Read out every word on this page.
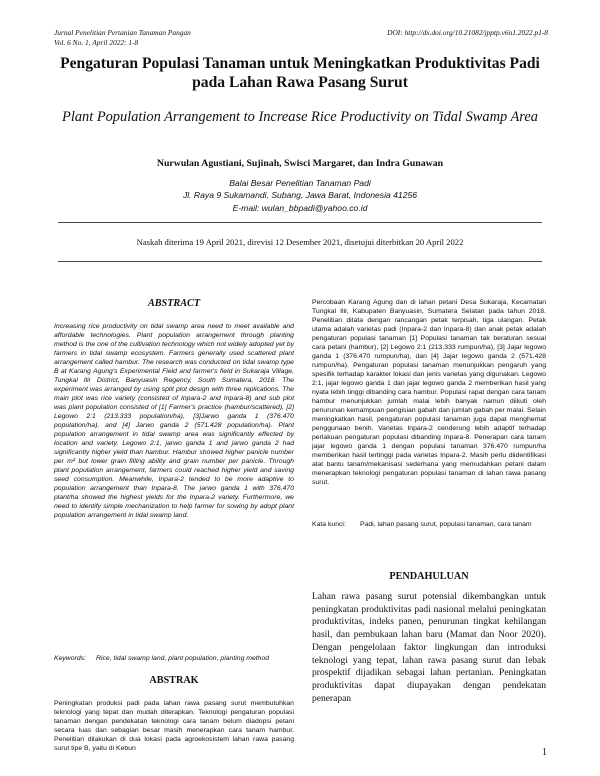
Jurnal Penelitian Pertanian Tanaman Pangan
Vol. 6 No. 1, April 2022: 1-8
DOI: http://dx.doi.org/10.21082/jpptp.v6n1.2022.p1-8
Pengaturan Populasi Tanaman untuk Meningkatkan Produktivitas Padi pada Lahan Rawa Pasang Surut
Plant Population Arrangement to Increase Rice Productivity on Tidal Swamp Area
Nurwulan Agustiani, Sujinah, Swisci Margaret, dan Indra Gunawan
Balai Besar Penelitian Tanaman Padi
Jl. Raya 9 Sukamandi, Subang, Jawa Barat, Indonesia 41256
E-mail: wulan_bbpadi@yahoo.co.id
Naskah diterima 19 April 2021, direvisi 12 Desember 2021, disetujui diterbitkan 20 April 2022
ABSTRACT
Increasing rice productivity on tidal swamp area need to meet available and affordable technologies. Plant population arrangement through planting method is the one of the cultivation technology which not widely adopted yet by farmers in tidal swamp ecosystem. Farmers generally used scattered plant arrangement called hambur. The research was conducted on tidal swamp type B at Karang Agung's Experimental Field and farmer's field in Sukaraja Village, Tungkal Ilir District, Banyuasin Regency, South Sumatera, 2018. The experiment was arranged by using split plot design with three replications. The main plot was rice variety (consisted of Inpara-2 and Inpara-8) and sub plot was plant population consisted of [1] Farmer's practice (hambur/scattered), [2] Legowo 2:1 (213.333 population/ha), [3]Jarwo ganda 1 (376.470 population/ha), and [4] Jarwo ganda 2 (571.428 population/ha). Plant population arrangement in tidal swamp area was significantly effected by location and variety. Legowo 2:1, jarwo ganda 1 and jarwo ganda 2 had significantly higher yield than hambur. Hambur showed higher panicle number per m² but lower grain filling ability and grain number per panicle. Through plant population arrangement, farmers could reached higher yield and saving seed consumption. Meanwhile, Inpara-2 tended to be more adaptive to population arrangement than Inpara-8. The jarwo ganda 1 with 376,470 plant/ha showed the highest yields for the Inpara-2 variety. Furthermore, we need to identify simple mechanization to help farmer for sowing by adopt plant population arrangement in tidal swamp land.
Keywords:	Rice, tidal swamp land, plant population, planting method
ABSTRAK
Peningkatan produksi padi pada lahan rawa pasang surut membutuhkan teknologi yang tepat dan mudah diterapkan. Teknologi pengaturan populasi tanaman dengan pendekatan teknologi cara tanam belum diadopsi petani secara luas dan sebagian besar masih menerapkan cara tanam hambur. Penelitian dilakukan di dua lokasi pada agroekosistem lahan rawa pasang surut tipe B, yaitu di Kebun
Percobaan Karang Agung dan di lahan petani Desa Sukaraja, Kecamatan Tungkal Ilir, Kabupaten Banyuasin, Sumatera Selatan pada tahun 2018. Penelitian ditata dengan rancangan petak terpisah, tiga ulangan. Petak utama adalah varietas padi (Inpara-2 dan Inpara-8) dan anak petak adalah pengaturan populasi tanaman [1] Populasi tanaman tak beraturan sesuai cara petani (hambur), [2] Legowo 2:1 (213.333 rumpun/ha), [3] Jajar legowo ganda 1 (376.470 rumpun/ha), dan [4] Jajar legowo ganda 2 (571.428 rumpun/ha). Pengaturan populasi tanaman menunjukkan pengaruh yang spesifik terhadap karakter lokasi dan jenis varietas yang digunakan. Legowo 2:1, jajar legowo ganda 1 dan jajar legowo ganda 2 memberikan hasil yang nyata lebih tinggi dibanding cara hambur. Populasi rapat dengan cara tanam hambur menunjukkan jumlah malai lebih banyak namun diikuti oleh penurunan kemampuan pengisian gabah dan jumlah gabah per malai. Selain meningkatkan hasil, pengaturan populasi tanaman juga dapat menghemat penggunaan benih. Varietas Inpara-2 cenderung lebih adaptif terhadap perlakuan pengaturan populasi dibanding Inpara-8. Penerapan cara tanam jajar legowo ganda 1 dengan populasi tanaman 376.470 rumpun/ha memberikan hasil tertinggi pada varietas Inpara-2. Masih perlu diidentifikasi alat bantu tanam/mekanisasi sederhana yang memudahkan petani dalam menerapkan teknologi pengaturan populasi tanaman di lahan rawa pasang surut.
Kata kunci:	Padi, lahan pasang surut, populasi tanaman, cara tanam
PENDAHULUAN
Lahan rawa pasang surut potensial dikembangkan untuk peningkatan produktivitas padi nasional melalui peningkatan produktivitas, indeks panen, penurunan tingkat kehilangan hasil, dan pembukaan lahan baru (Mamat dan Noor 2020). Dengan pengelolaan faktor lingkungan dan introduksi teknologi yang tepat, lahan rawa pasang surut dan lebak prospektif dijadikan sebagai lahan pertanian. Peningkatan produktivitas dapat diupayakan dengan pendekatan penerapan
1
